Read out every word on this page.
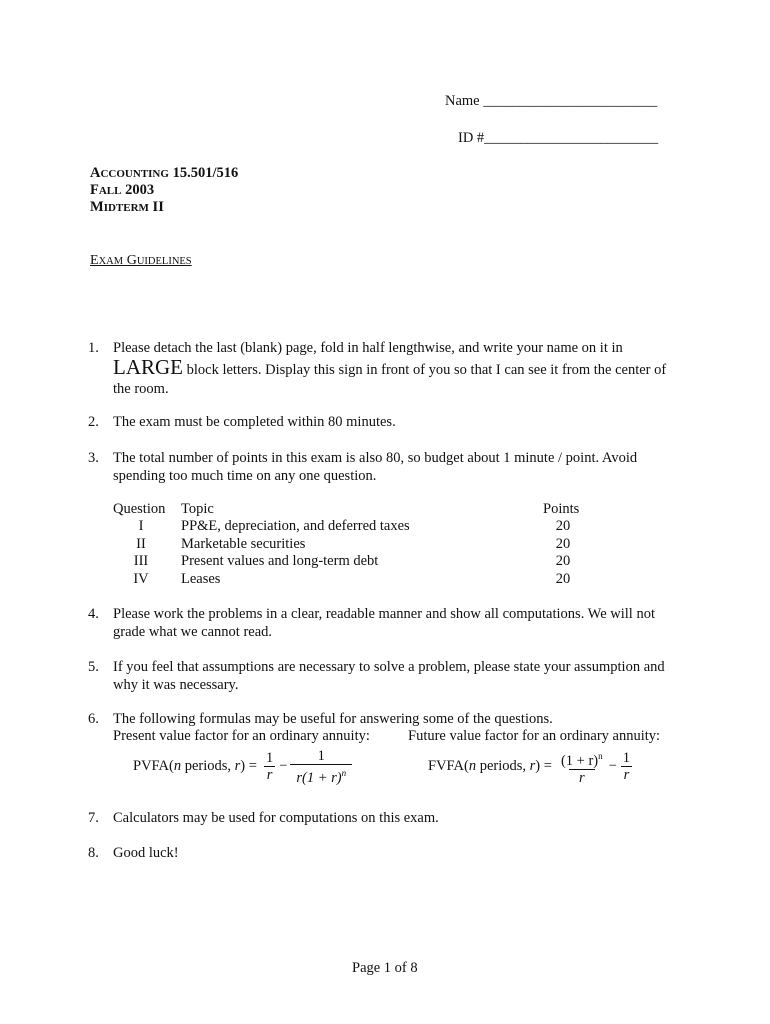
Name ________________________
ID #________________________
ACCOUNTING 15.501/516
FALL 2003
MIDTERM II
EXAM GUIDELINES
1. Please detach the last (blank) page, fold in half lengthwise, and write your name on it in LARGE block letters. Display this sign in front of you so that I can see it from the center of the room.
2. The exam must be completed within 80 minutes.
3. The total number of points in this exam is also 80, so budget about 1 minute / point. Avoid spending too much time on any one question.
Question Topic	Points
I	PP&E, depreciation, and deferred taxes	20
II	Marketable securities	20
III	Present values and long-term debt	20
IV	Leases	20
4. Please work the problems in a clear, readable manner and show all computations. We will not grade what we cannot read.
5. If you feel that assumptions are necessary to solve a problem, please state your assumption and why it was necessary.
6. The following formulas may be useful for answering some of the questions.
Present value factor for an ordinary annuity:	Future value factor for an ordinary annuity:
PVFA(n periods, $r) = \frac{1}{r} - \frac{1}{r(1 + r)^n}$	FVFA(n periods, $r) = \frac{(1 + r)^n}{r} - \frac{1}{r}$
7. Calculators may be used for computations on this exam.
8. Good luck!
Page 1 of 8
